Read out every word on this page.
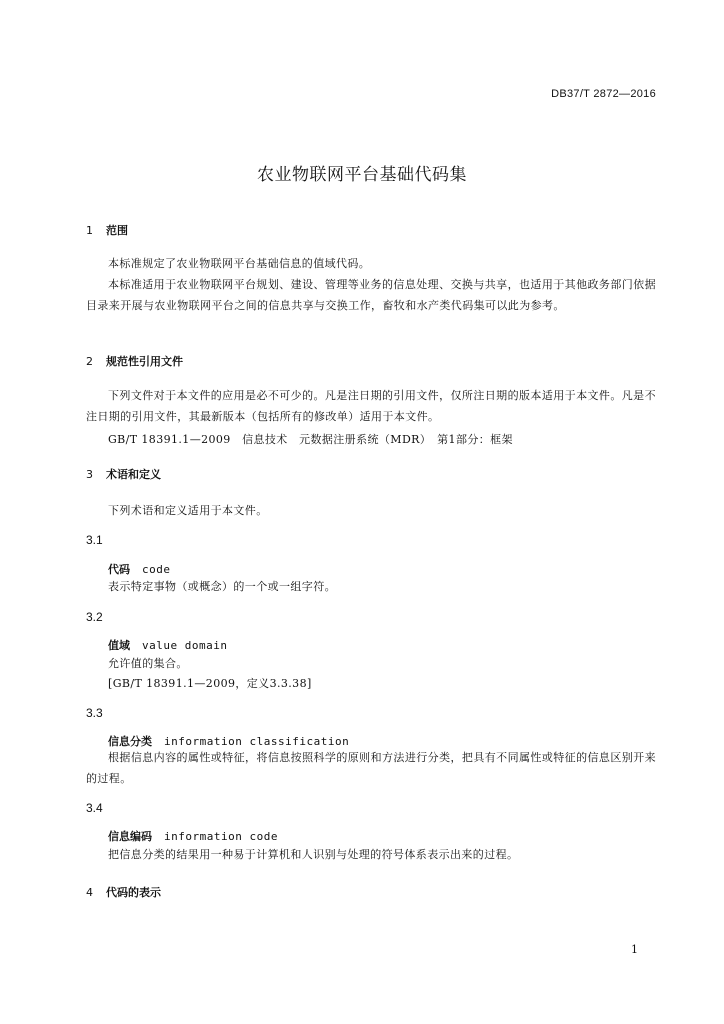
DB37/T 2872—2016
农业物联网平台基础代码集
1 范围
本标准规定了农业物联网平台基础信息的值域代码。
本标准适用于农业物联网平台规划、建设、管理等业务的信息处理、交换与共享，也适用于其他政务部门依据目录来开展与农业物联网平台之间的信息共享与交换工作，畜牧和水产类代码集可以此为参考。
2 规范性引用文件
下列文件对于本文件的应用是必不可少的。凡是注日期的引用文件，仅所注日期的版本适用于本文件。凡是不注日期的引用文件，其最新版本（包括所有的修改单）适用于本文件。
GB/T 18391.1—2009　信息技术　元数据注册系统（MDR）　第1部分：框架
3 术语和定义
下列术语和定义适用于本文件。
3.1
代码 code
表示特定事物（或概念）的一个或一组字符。
3.2
值域 value domain
允许值的集合。
[GB/T 18391.1—2009，定义3.3.38]
3.3
信息分类 information classification
根据信息内容的属性或特征，将信息按照科学的原则和方法进行分类，把具有不同属性或特征的信息区别开来的过程。
3.4
信息编码 information code
把信息分类的结果用一种易于计算机和人识别与处理的符号体系表示出来的过程。
4 代码的表示
1
